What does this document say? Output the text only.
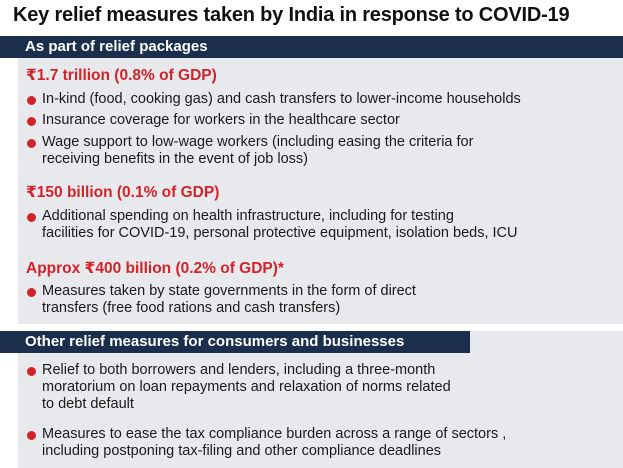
Key relief measures taken by India in response to COVID-19
As part of relief packages
₹1.7 trillion (0.8% of GDP)
In-kind (food, cooking gas) and cash transfers to lower-income households
Insurance coverage for workers in the healthcare sector
Wage support to low-wage workers (including easing the criteria for
receiving benefits in the event of job loss)
₹150 billion (0.1% of GDP)
Additional spending on health infrastructure, including for testing
facilities for COVID-19, personal protective equipment, isolation beds, ICU
Approx ₹400 billion (0.2% of GDP)*
Measures taken by state governments in the form of direct
transfers (free food rations and cash transfers)
Other relief measures for consumers and businesses
Relief to both borrowers and lenders, including a three-month
moratorium on loan repayments and relaxation of norms related
to debt default
Measures to ease the tax compliance burden across a range of sectors ,
including postponing tax-filing and other compliance deadlines
